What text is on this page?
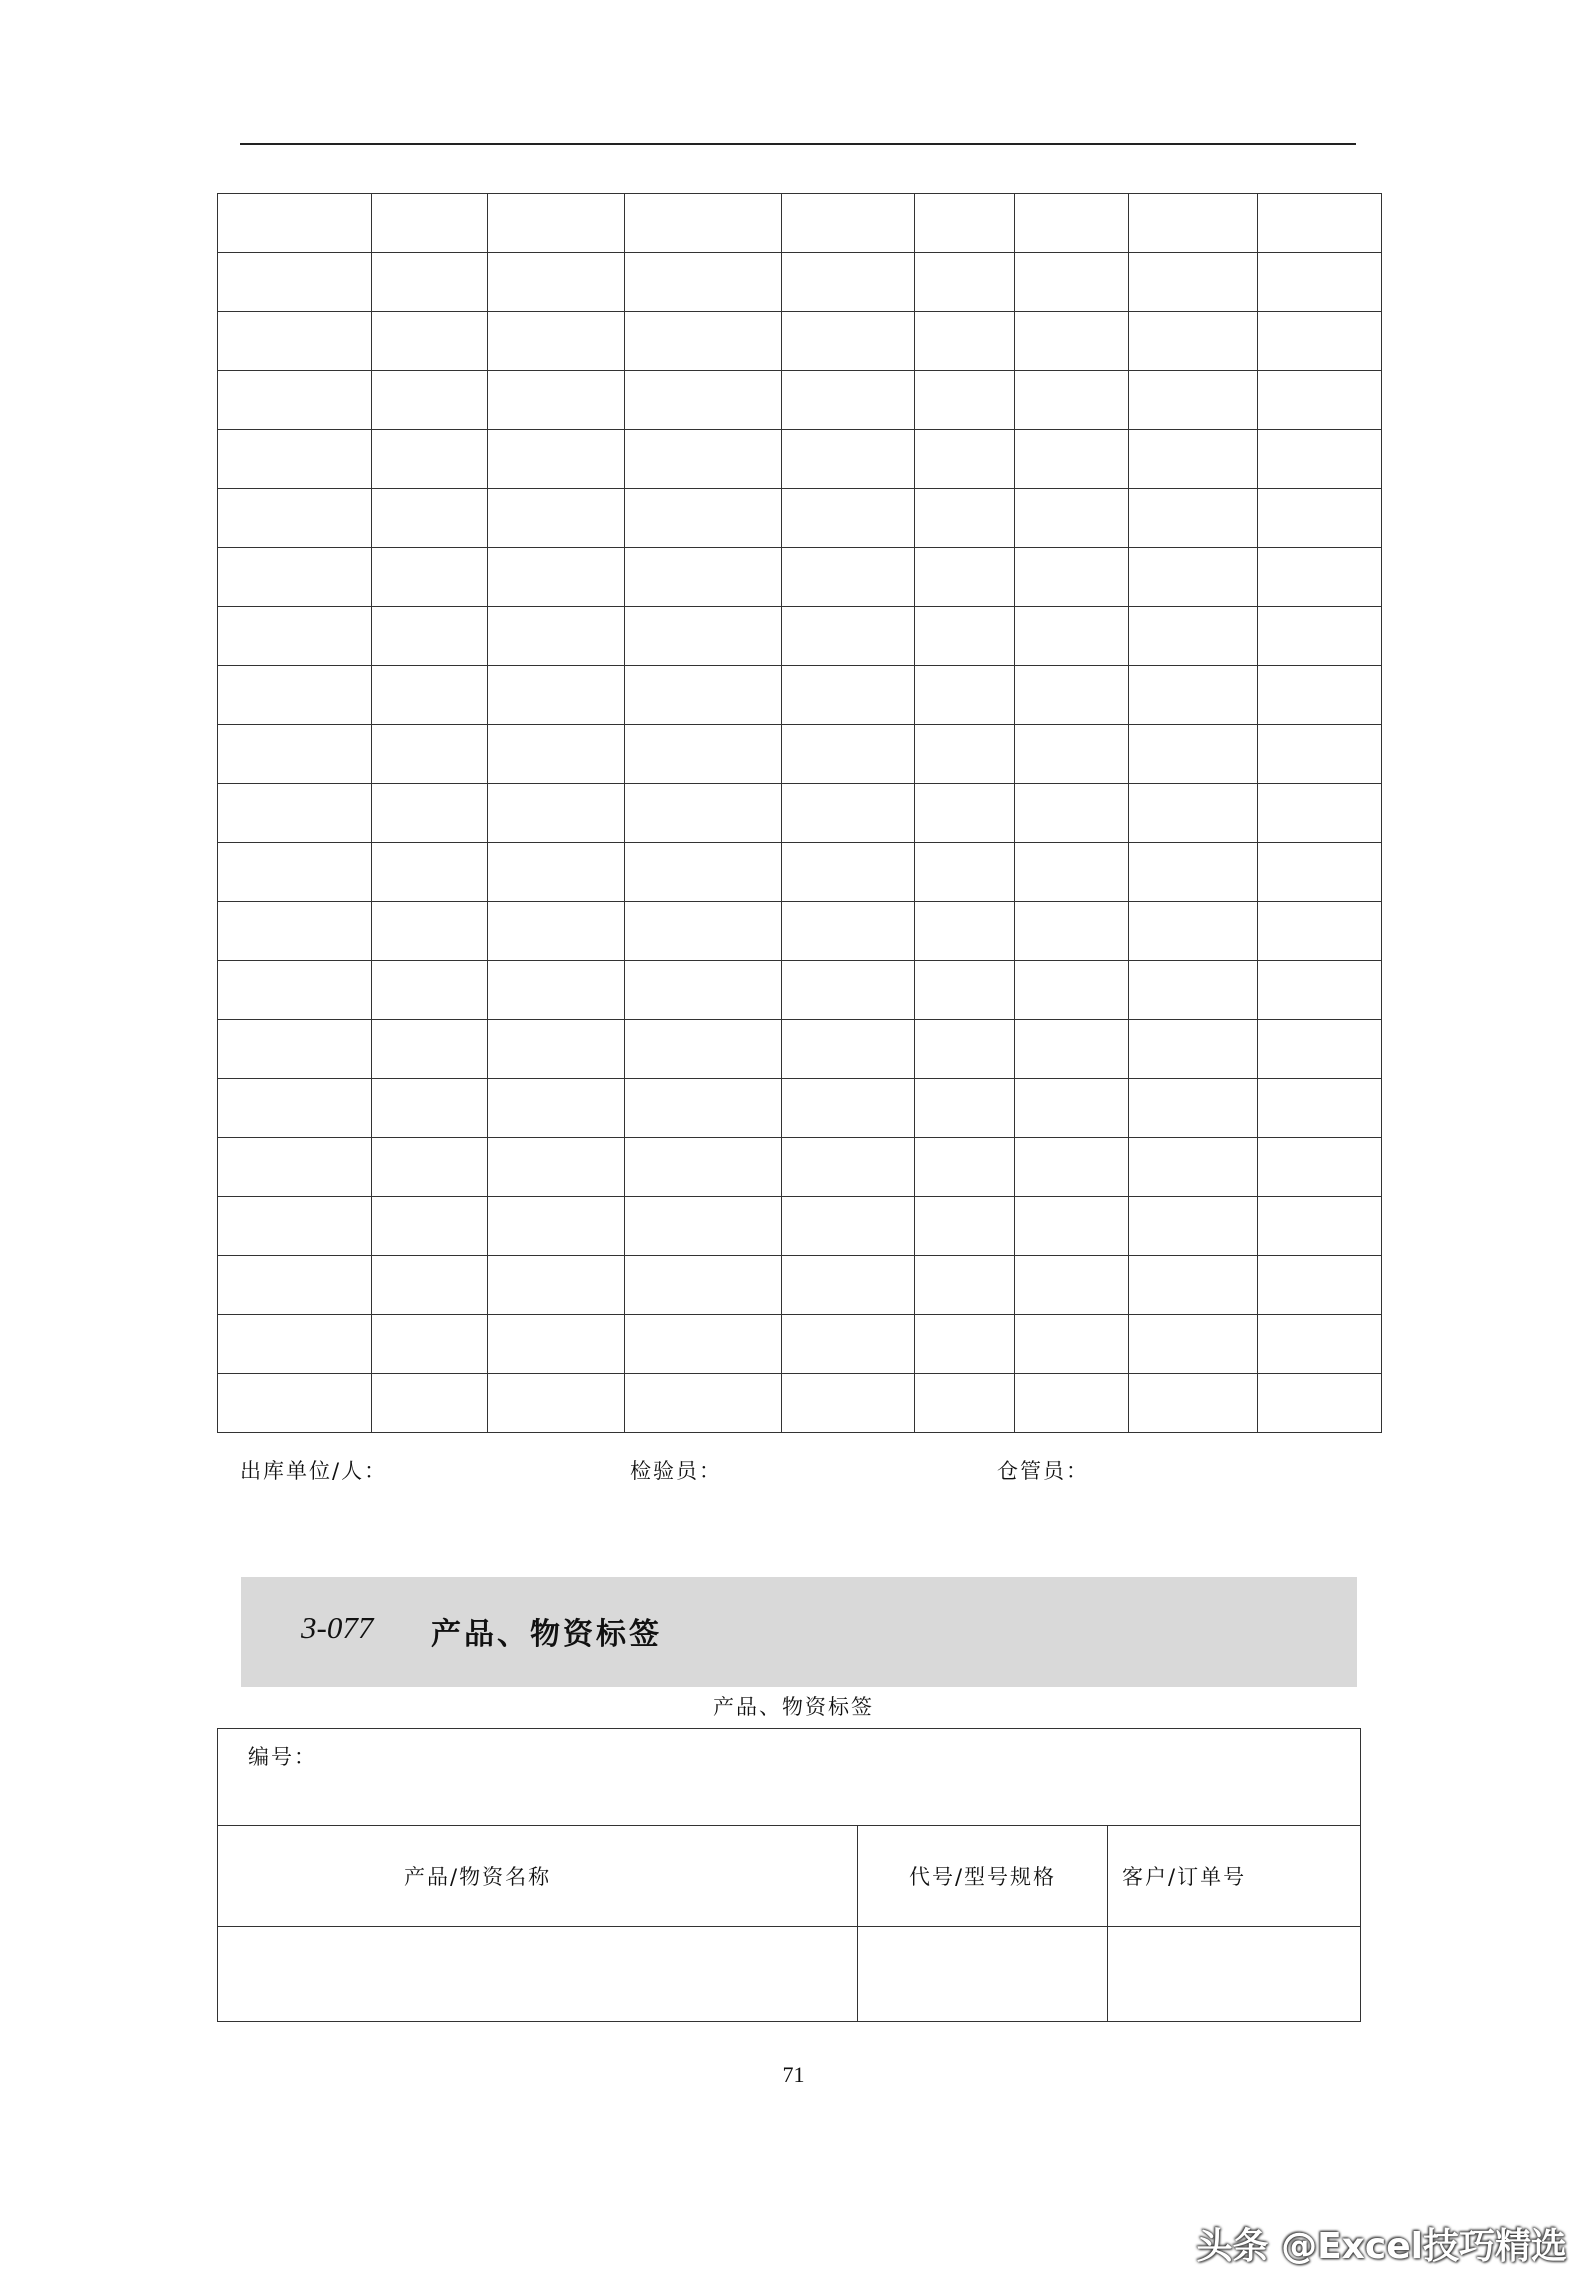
出库单位/人：	检验员：	仓管员：
3-077 产品、物资标签
产品、物资标签
编号：		
产品/物资名称	代号/型号规格	客户/订单号

71
头条 @Excel技巧精选
